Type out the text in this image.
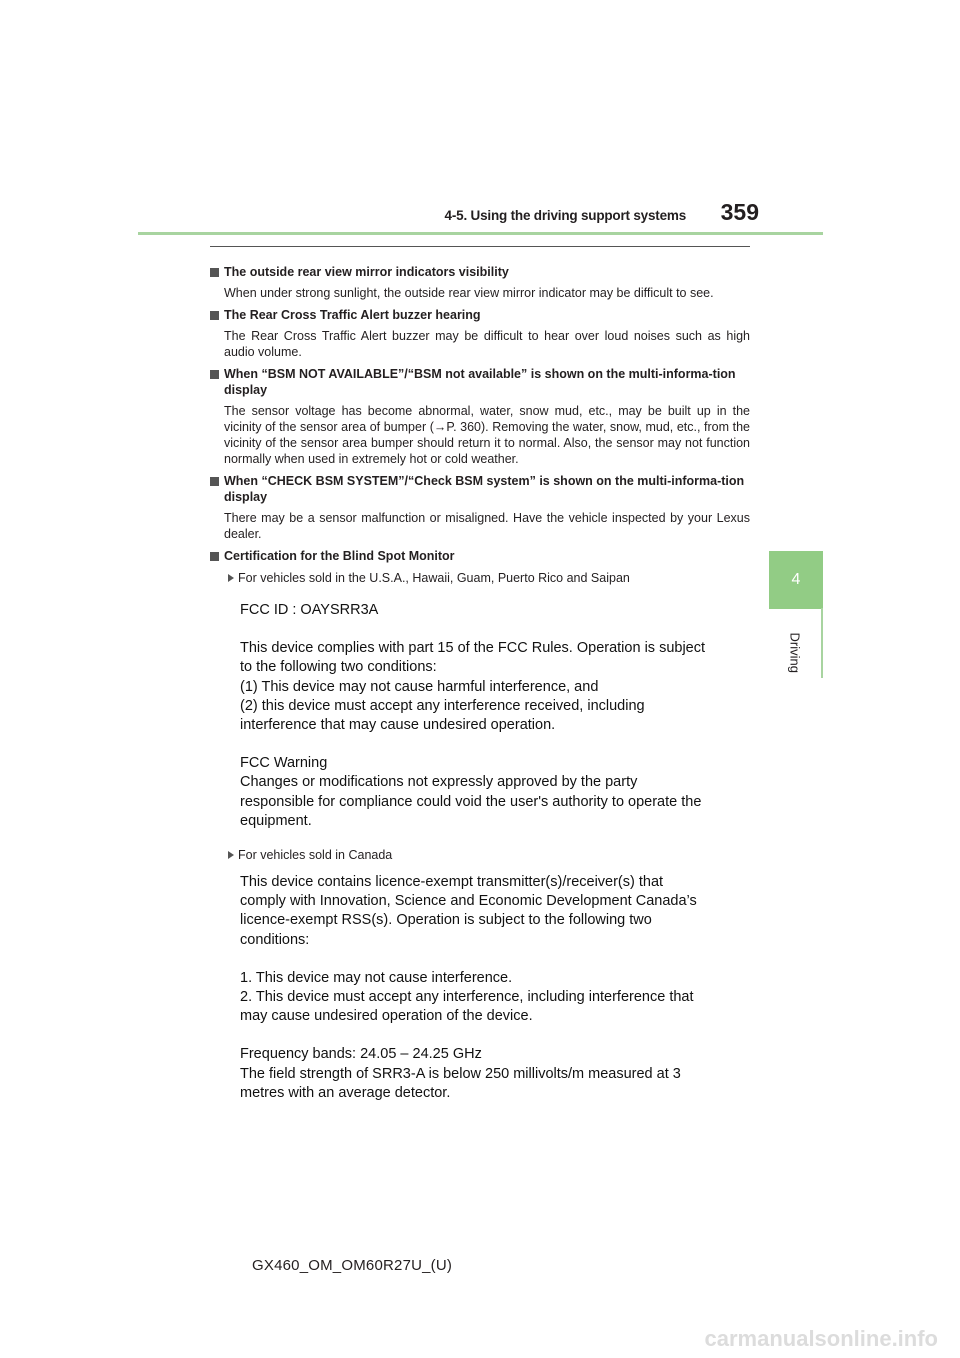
4-5. Using the driving support systems 359
4
Driving
The outside rear view mirror indicators visibility
When under strong sunlight, the outside rear view mirror indicator may be difficult to see.
The Rear Cross Traffic Alert buzzer hearing
The Rear Cross Traffic Alert buzzer may be difficult to hear over loud noises such as high audio volume.
When “BSM NOT AVAILABLE”/“BSM not available” is shown on the multi-informa-tion display
The sensor voltage has become abnormal, water, snow mud, etc., may be built up in the vicinity of the sensor area of bumper (→P. 360). Removing the water, snow, mud, etc., from the vicinity of the sensor area bumper should return it to normal. Also, the sensor may not function normally when used in extremely hot or cold weather.
When “CHECK BSM SYSTEM”/“Check BSM system” is shown on the multi-informa-tion display
There may be a sensor malfunction or misaligned. Have the vehicle inspected by your Lexus dealer.
Certification for the Blind Spot Monitor
For vehicles sold in the U.S.A., Hawaii, Guam, Puerto Rico and Saipan

FCC ID : OAYSRR3A

This device complies with part 15 of the FCC Rules. Operation is subject

to the following two conditions:

(1) This device may not cause harmful interference, and

(2) this device must accept any interference received, including

interference that may cause undesired operation.

FCC Warning

Changes or modifications not expressly approved by the party

responsible for compliance could void the user's authority to operate the

equipment.

For vehicles sold in Canada

This device contains licence-exempt transmitter(s)/receiver(s) that

comply with Innovation, Science and Economic Development Canada’s

licence-exempt RSS(s). Operation is subject to the following two

conditions:

1. This device may not cause interference.

2. This device must accept any interference, including interference that

may cause undesired operation of the device.

Frequency bands: 24.05 – 24.25 GHz

The field strength of SRR3-A is below 250 millivolts/m measured at 3

metres with an average detector.

GX460_OM_OM60R27U_(U)
carmanualsonline.info
